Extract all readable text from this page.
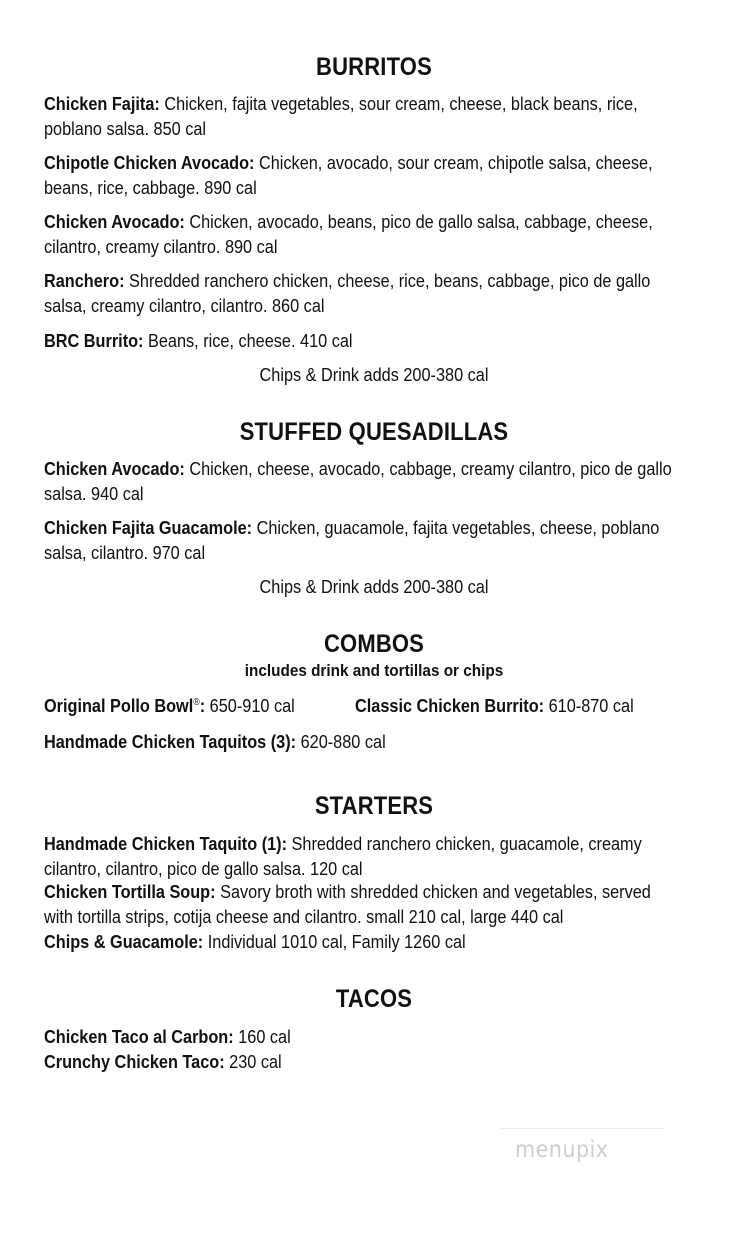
BURRITOS
Chicken Fajita: Chicken, fajita vegetables, sour cream, cheese, black beans, rice,
poblano salsa. 850 cal
Chipotle Chicken Avocado: Chicken, avocado, sour cream, chipotle salsa, cheese,
beans, rice, cabbage. 890 cal
Chicken Avocado: Chicken, avocado, beans, pico de gallo salsa, cabbage, cheese,
cilantro, creamy cilantro. 890 cal
Ranchero: Shredded ranchero chicken, cheese, rice, beans, cabbage, pico de gallo
salsa, creamy cilantro, cilantro. 860 cal
BRC Burrito: Beans, rice, cheese. 410 cal
Chips & Drink adds 200-380 cal
STUFFED QUESADILLAS
Chicken Avocado: Chicken, cheese, avocado, cabbage, creamy cilantro, pico de gallo
salsa. 940 cal
Chicken Fajita Guacamole: Chicken, guacamole, fajita vegetables, cheese, poblano
salsa, cilantro. 970 cal
Chips & Drink adds 200-380 cal
COMBOS
includes drink and tortillas or chips
Original Pollo Bowl®: 650-910 cal	Classic Chicken Burrito: 610-870 cal
Handmade Chicken Taquitos (3): 620-880 cal
STARTERS
Handmade Chicken Taquito (1): Shredded ranchero chicken, guacamole, creamy
cilantro, cilantro, pico de gallo salsa. 120 cal
Chicken Tortilla Soup: Savory broth with shredded chicken and vegetables, served
with tortilla strips, cotija cheese and cilantro. small 210 cal, large 440 cal
Chips & Guacamole: Individual 1010 cal, Family 1260 cal
TACOS
Chicken Taco al Carbon: 160 cal
Crunchy Chicken Taco: 230 cal
menupix
